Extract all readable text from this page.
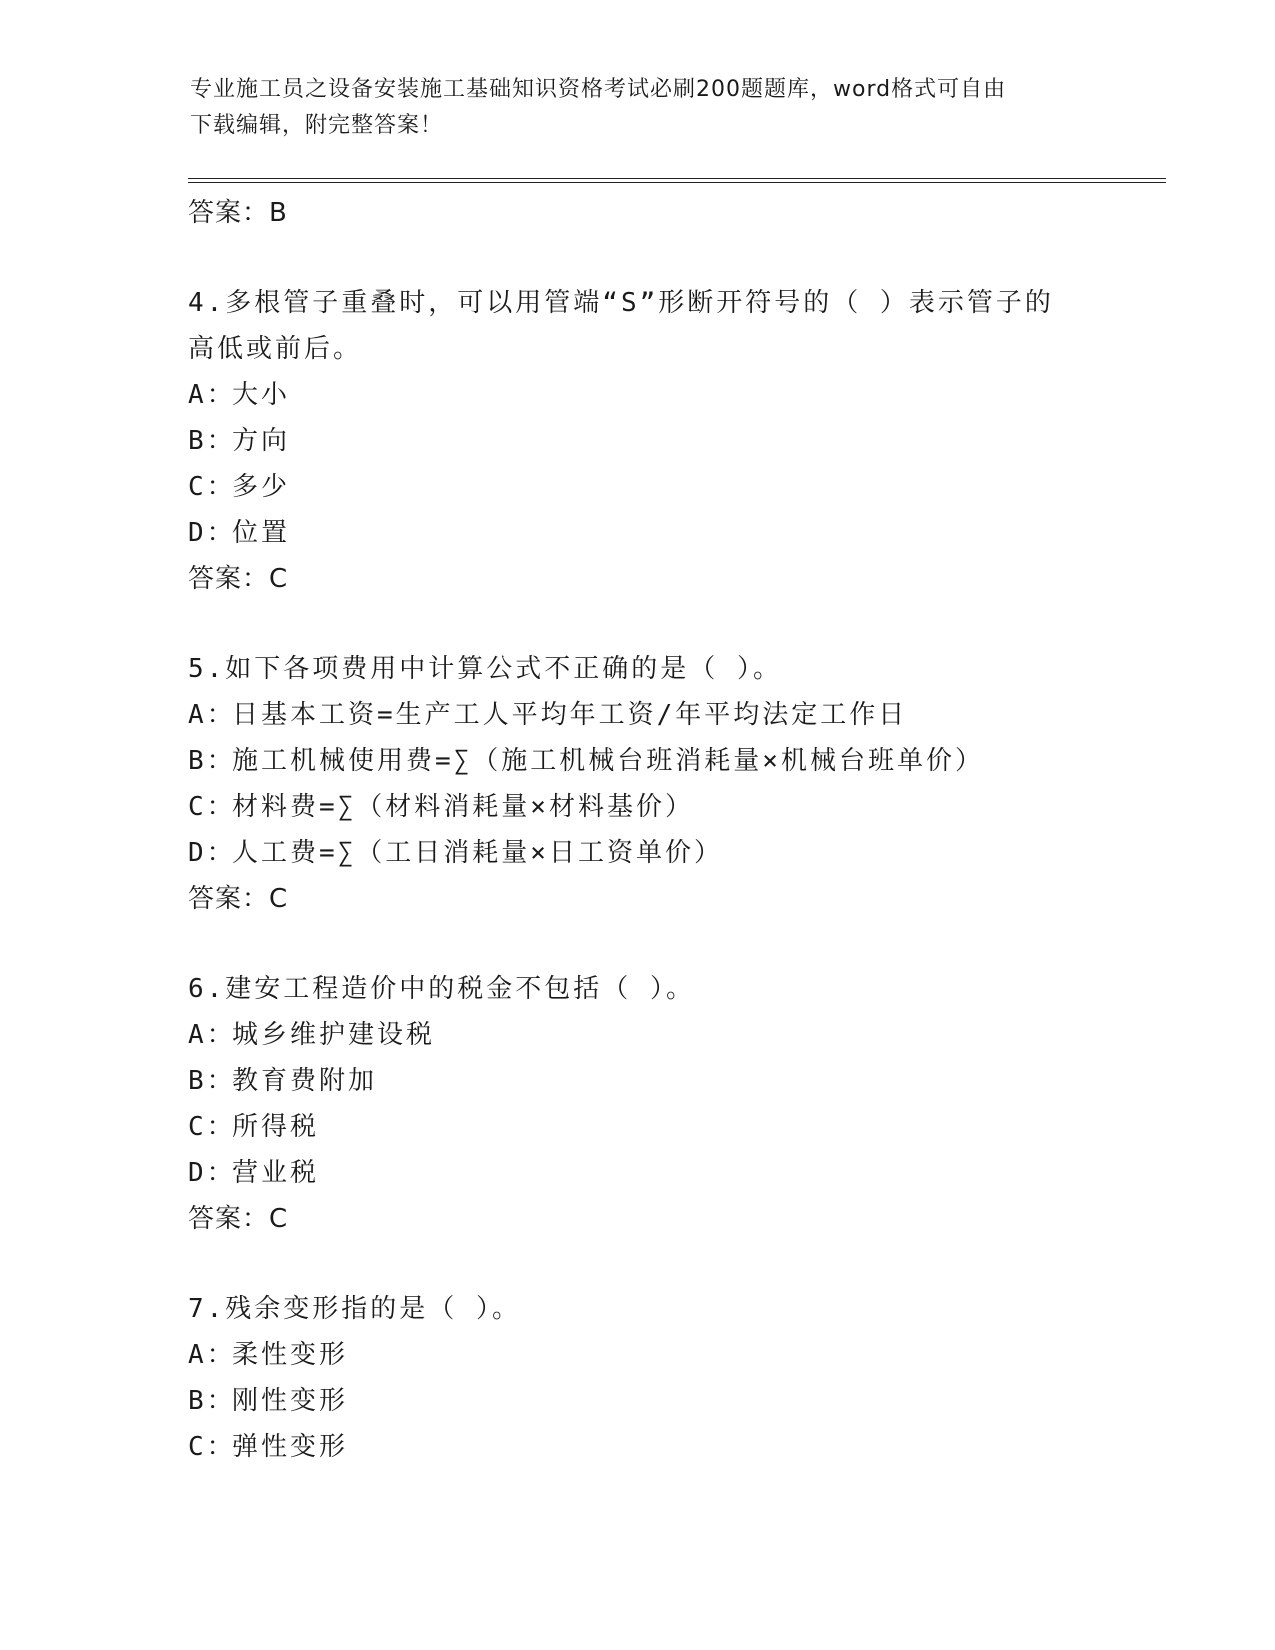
专业施工员之设备安装施工基础知识资格考试必刷200题题库，word格式可自由
下载编辑，附完整答案！
答案：B
4.多根管子重叠时，可以用管端“S”形断开符号的（ ）表示管子的
高低或前后。
A：大小
B：方向
C：多少
D：位置
答案：C
5.如下各项费用中计算公式不正确的是（ ）。
A：日基本工资=生产工人平均年工资/年平均法定工作日
B：施工机械使用费=∑（施工机械台班消耗量×机械台班单价）
C：材料费=∑（材料消耗量×材料基价）
D：人工费=∑（工日消耗量×日工资单价）
答案：C
6.建安工程造价中的税金不包括（ ）。
A：城乡维护建设税
B：教育费附加
C：所得税
D：营业税
答案：C
7.残余变形指的是（ ）。
A：柔性变形
B：刚性变形
C：弹性变形
